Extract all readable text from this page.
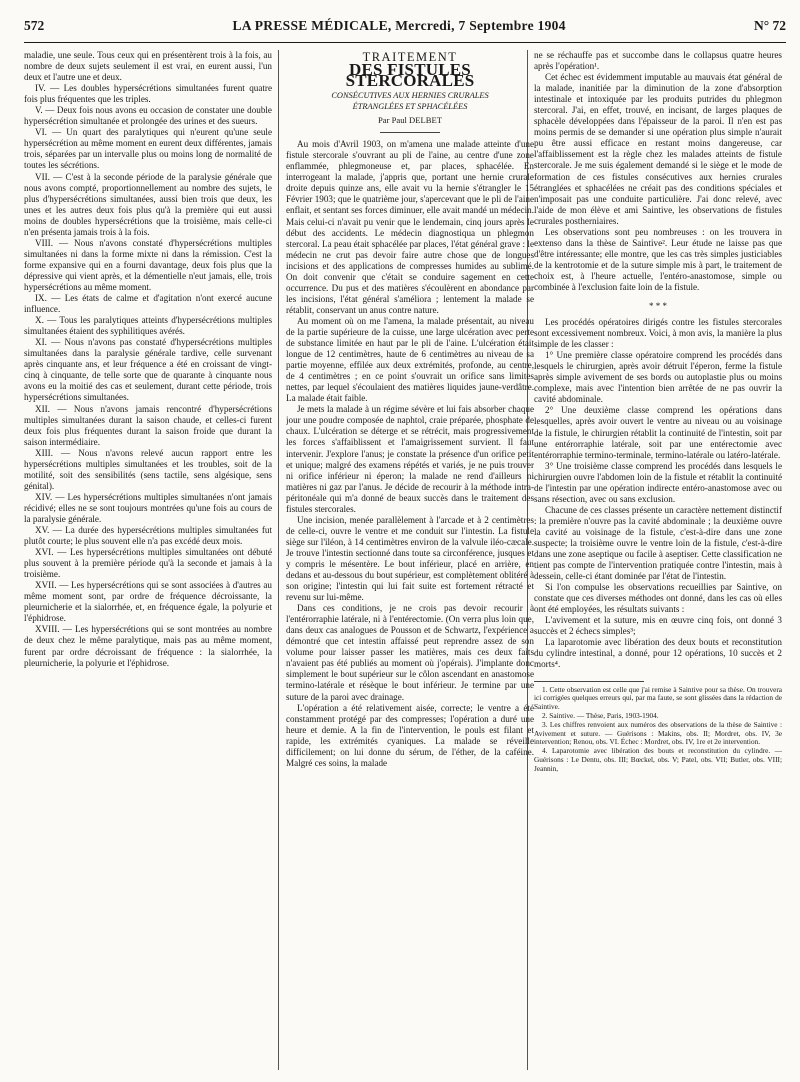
572	LA PRESSE MÉDICALE, Mercredi, 7 Septembre 1904	N° 72

maladie, une seule. Tous ceux qui en présentèrent trois à la fois, au nombre de deux sujets seulement il est vrai, en eurent aussi, l'un deux et l'autre une et deux.

IV. — Les doubles hypersécrétions simultanées furent quatre fois plus fréquentes que les triples.

V. — Deux fois nous avons eu occasion de constater une double hypersécrétion simultanée et prolongée des urines et des sueurs.

VI. — Un quart des paralytiques qui n'eurent qu'une seule hypersécrétion au même moment en eurent deux différentes, jamais trois, séparées par un intervalle plus ou moins long de normalité de toutes les sécrétions.

VII. — C'est à la seconde période de la paralysie générale que nous avons compté, proportionnellement au nombre des sujets, le plus d'hypersécrétions simultanées, aussi bien trois que deux, les unes et les autres deux fois plus qu'à la première qui eut aussi moins de doubles hypersécrétions que la troisième, mais celle-ci n'en présenta jamais trois à la fois.

VIII. — Nous n'avons constaté d'hypersécrétions multiples simultanées ni dans la forme mixte ni dans la rémission. C'est la forme expansive qui en a fourni davantage, deux fois plus que la dépressive qui vient après, et la démentielle n'eut jamais, elle, trois hypersécrétions au même moment.

IX. — Les états de calme et d'agitation n'ont exercé aucune influence.

X. — Tous les paralytiques atteints d'hypersécrétions multiples simultanées étaient des syphilitiques avérés.

XI. — Nous n'avons pas constaté d'hypersécrétions multiples simultanées dans la paralysie générale tardive, celle survenant après cinquante ans, et leur fréquence a été en croissant de vingt-cinq à cinquante, de telle sorte que de quarante à cinquante nous avons eu la moitié des cas et seulement, durant cette période, trois hypersécrétions simultanées.

XII. — Nous n'avons jamais rencontré d'hypersécrétions multiples simultanées durant la saison chaude, et celles-ci furent deux fois plus fréquentes durant la saison froide que durant la saison intermédiaire.

XIII. — Nous n'avons relevé aucun rapport entre les hypersécrétions multiples simultanées et les troubles, soit de la motilité, soit des sensibilités (sens tactile, sens algésique, sens génital).

XIV. — Les hypersécrétions multiples simultanées n'ont jamais récidivé; elles ne se sont toujours montrées qu'une fois au cours de la paralysie générale.

XV. — La durée des hypersécrétions multiples simultanées fut plutôt courte; le plus souvent elle n'a pas excédé deux mois.

XVI. — Les hypersécrétions multiples simultanées ont débuté plus souvent à la première période qu'à la seconde et jamais à la troisième.

XVII. — Les hypersécrétions qui se sont associées à d'autres au même moment sont, par ordre de fréquence décroissante, la pleurnicherie et la sialorrhée, et, en fréquence égale, la polyurie et l'éphidrose.

XVIII. — Les hypersécrétions qui se sont montrées au nombre de deux chez le même paralytique, mais pas au même moment, furent par ordre décroissant de fréquence : la sialorrhée, la pleurnicherie, la polyurie et l'éphidrose.

TRAITEMENT
DES FISTULES STERCORALES
CONSÉCUTIVES AUX HERNIES CRURALES
ÉTRANGLÉES ET SPHACÉLÉES
Par Paul DELBET

Au mois d'Avril 1903, on m'amena une malade atteinte d'une fistule stercorale s'ouvrant au pli de l'aine, au centre d'une zone enflammée, phlegmoneuse et, par places, sphacélée. En interrogeant la malade, j'appris que, portant une hernie crurale droite depuis quinze ans, elle avait vu la hernie s'étrangler le 15 Février 1903; que le quatrième jour, s'apercevant que le pli de l'aine enflait, et sentant ses forces diminuer, elle avait mandé un médecin. Mais celui-ci n'avait pu venir que le lendemain, cinq jours après le début des accidents. Le médecin diagnostiqua un phlegmon stercoral. La peau était sphacélée par places, l'état général grave : le médecin ne crut pas devoir faire autre chose que de longues incisions et des applications de compresses humides au sublimé. On doit convenir que c'était se conduire sagement en cette occurrence. Du pus et des matières s'écoulèrent en abondance par les incisions, l'état général s'améliora ; lentement la malade se rétablit, conservant un anus contre nature.

Au moment où on me l'amena, la malade présentait, au niveau de la partie supérieure de la cuisse, une large ulcération avec perte de substance limitée en haut par le pli de l'aine. L'ulcération était longue de 12 centimètres, haute de 6 centimètres au niveau de sa partie moyenne, effilée aux deux extrémités, profonde, au centre, de 4 centimètres ; en ce point s'ouvrait un orifice sans limites nettes, par lequel s'écoulaient des matières liquides jaune-verdâtre. La malade était faible.

Je mets la malade à un régime sévère et lui fais absorber chaque jour une poudre composée de naphtol, craie préparée, phosphate de chaux. L'ulcération se déterge et se rétrécit, mais progressivement les forces s'affaiblissent et l'amaigrissement survient. Il faut intervenir. J'explore l'anus; je constate la présence d'un orifice petit et unique; malgré des examens répétés et variés, je ne puis trouver ni orifice inférieur ni éperon; la malade ne rend d'ailleurs ni matières ni gaz par l'anus. Je décide de recourir à la méthode intra-péritonéale qui m'a donné de beaux succès dans le traitement des fistules stercorales.

Une incision, menée parallèlement à l'arcade et à 2 centimètres de celle-ci, ouvre le ventre et me conduit sur l'intestin. La fistule siège sur l'iléon, à 14 centimètres environ de la valvule iléo-cæcale. Je trouve l'intestin sectionné dans toute sa circonférence, jusques et y compris le mésentère. Le bout inférieur, placé en arrière, en dedans et au-dessous du bout supérieur, est complètement oblitéré à son origine; l'intestin qui lui fait suite est fortement rétracté et revenu sur lui-même.

Dans ces conditions, je ne crois pas devoir recourir à l'entérorraphie latérale, ni à l'entérectomie. (On verra plus loin que, dans deux cas analogues de Pousson et de Schwartz, l'expérience a démontré que cet intestin affaissé peut reprendre assez de son volume pour laisser passer les matières, mais ces deux faits n'avaient pas été publiés au moment où j'opérais). J'implante donc simplement le bout supérieur sur le côlon ascendant en anastomose termino-latérale et résèque le bout inférieur. Je termine par une suture de la paroi avec drainage.

L'opération a été relativement aisée, correcte; le ventre a été constamment protégé par des compresses; l'opération a duré une heure et demie. A la fin de l'intervention, le pouls est filant et rapide, les extrémités cyaniques. La malade se réveille difficilement; on lui donne du sérum, de l'éther, de la caféine. Malgré ces soins, la malade

ne se réchauffe pas et succombe dans le collapsus quatre heures après l'opération¹.

Cet échec est évidemment imputable au mauvais état général de la malade, inanitiée par la diminution de la zone d'absorption intestinale et intoxiquée par les produits putrides du phlegmon stercoral. J'ai, en effet, trouvé, en incisant, de larges plaques de sphacèle développées dans l'épaisseur de la paroi. Il n'en est pas moins permis de se demander si une opération plus simple n'aurait pu être aussi efficace en restant moins dangereuse, car l'affaiblissement est la règle chez les malades atteints de fistule stercorale. Je me suis également demandé si le siège et le mode de formation de ces fistules consécutives aux hernies crurales étranglées et sphacélées ne créait pas des conditions spéciales et n'imposait pas une conduite particulière. J'ai donc relevé, avec l'aide de mon élève et ami Saintive, les observations de fistules crurales postherniaires.

Les observations sont peu nombreuses : on les trouvera in extenso dans la thèse de Saintive². Leur étude ne laisse pas que d'être intéressante; elle montre, que les cas très simples justiciables de la kentrotomie et de la suture simple mis à part, le traitement de choix est, à l'heure actuelle, l'entéro-anastomose, simple ou combinée à l'exclusion faite loin de la fistule.

* * *

Les procédés opératoires dirigés contre les fistules stercorales sont excessivement nombreux. Voici, à mon avis, la manière la plus simple de les classer :

1° Une première classe opératoire comprend les procédés dans lesquels le chirurgien, après avoir détruit l'éperon, ferme la fistule après simple avivement de ses bords ou autoplastie plus ou moins complexe, mais avec l'intention bien arrêtée de ne pas ouvrir la cavité abdominale.

2° Une deuxième classe comprend les opérations dans lesquelles, après avoir ouvert le ventre au niveau ou au voisinage de la fistule, le chirurgien rétablit la continuité de l'intestin, soit par une entérorraphie latérale, soit par une entérectomie avec entérorraphie termino-terminale, termino-latérale ou latéro-latérale.

3° Une troisième classe comprend les procédés dans lesquels le chirurgien ouvre l'abdomen loin de la fistule et rétablit la continuité de l'intestin par une opération indirecte entéro-anastomose avec ou sans résection, avec ou sans exclusion.

Chacune de ces classes présente un caractère nettement distinctif : la première n'ouvre pas la cavité abdominale ; la deuxième ouvre la cavité au voisinage de la fistule, c'est-à-dire dans une zone suspecte; la troisième ouvre le ventre loin de la fistule, c'est-à-dire dans une zone aseptique ou facile à aseptiser. Cette classification ne tient pas compte de l'intervention pratiquée contre l'intestin, mais à dessein, celle-ci étant dominée par l'état de l'intestin.

Si l'on compulse les observations recueillies par Saintive, on constate que ces diverses méthodes ont donné, dans les cas où elles ont été employées, les résultats suivants :

L'avivement et la suture, mis en œuvre cinq fois, ont donné 3 succès et 2 échecs simples³;

La laparotomie avec libération des deux bouts et reconstitution du cylindre intestinal, a donné, pour 12 opérations, 10 succès et 2 morts⁴.

1. Cette observation est celle que j'ai remise à Saintive pour sa thèse. On trouvera ici corrigées quelques erreurs qui, par ma faute, se sont glissées dans la rédaction de Saintive.

2. Saintive. — Thèse, Paris, 1903-1904.

3. Les chiffres renvoient aux numéros des observations de la thèse de Saintive : Avivement et suture. — Guérisons : Makins, obs. II; Mordret, obs. IV, 3e intervention; Renou, obs. VI. Échec : Mordret, obs. IV, 1re et 2e intervention.

4. Laparotomie avec libération des bouts et reconstitution du cylindre. — Guérisons : Le Dentu, obs. III; Bœckel, obs. V; Patel, obs. VII; Butler, obs. VIII; Jeannin,
